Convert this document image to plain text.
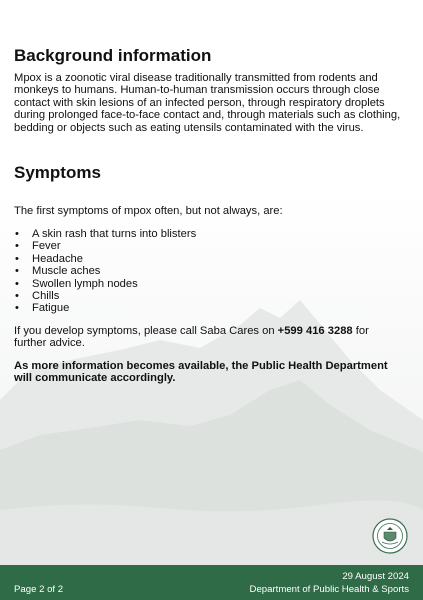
Background information

Mpox is a zoonotic viral disease traditionally transmitted from rodents and monkeys to humans. Human-to-human transmission occurs through close contact with skin lesions of an infected person, through respiratory droplets during prolonged face-to-face contact and, through materials such as clothing, bedding or objects such as eating utensils contaminated with the virus.

Symptoms

The first symptoms of mpox often, but not always, are:

• A skin rash that turns into blisters
• Fever
• Headache
• Muscle aches
• Swollen lymph nodes
• Chills
• Fatigue

If you develop symptoms, please call Saba Cares on +599 416 3288 for further advice.

As more information becomes available, the Public Health Department will communicate accordingly.

Page 2 of 2
29 August 2024
Department of Public Health & Sports
